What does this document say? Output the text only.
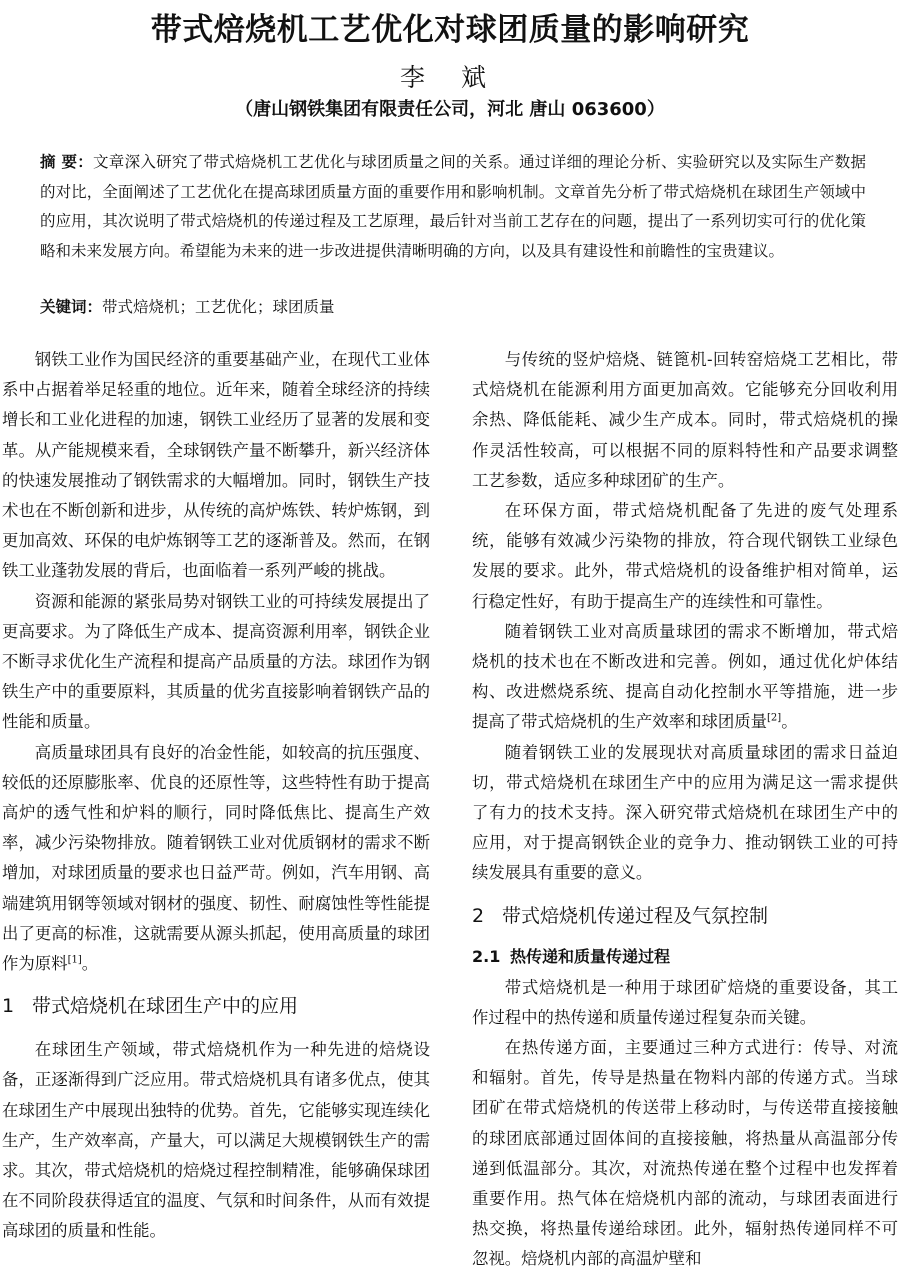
带式焙烧机工艺优化对球团质量的影响研究
李 斌
（唐山钢铁集团有限责任公司，河北 唐山 063600）
摘 要：文章深入研究了带式焙烧机工艺优化与球团质量之间的关系。通过详细的理论分析、实验研究以及实际生产数据的对比，全面阐述了工艺优化在提高球团质量方面的重要作用和影响机制。文章首先分析了带式焙烧机在球团生产领域中的应用，其次说明了带式焙烧机的传递过程及工艺原理，最后针对当前工艺存在的问题，提出了一系列切实可行的优化策略和未来发展方向。希望能为未来的进一步改进提供清晰明确的方向，以及具有建设性和前瞻性的宝贵建议。
关键词：带式焙烧机；工艺优化；球团质量

钢铁工业作为国民经济的重要基础产业，在现代工业体系中占据着举足轻重的地位。近年来，随着全球经济的持续增长和工业化进程的加速，钢铁工业经历了显著的发展和变革。从产能规模来看，全球钢铁产量不断攀升，新兴经济体的快速发展推动了钢铁需求的大幅增加。同时，钢铁生产技术也在不断创新和进步，从传统的高炉炼铁、转炉炼钢，到更加高效、环保的电炉炼钢等工艺的逐渐普及。然而，在钢铁工业蓬勃发展的背后，也面临着一系列严峻的挑战。

资源和能源的紧张局势对钢铁工业的可持续发展提出了更高要求。为了降低生产成本、提高资源利用率，钢铁企业不断寻求优化生产流程和提高产品质量的方法。球团作为钢铁生产中的重要原料，其质量的优劣直接影响着钢铁产品的性能和质量。

高质量球团具有良好的冶金性能，如较高的抗压强度、较低的还原膨胀率、优良的还原性等，这些特性有助于提高高炉的透气性和炉料的顺行，同时降低焦比、提高生产效率，减少污染物排放。随着钢铁工业对优质钢材的需求不断增加，对球团质量的要求也日益严苛。例如，汽车用钢、高端建筑用钢等领域对钢材的强度、韧性、耐腐蚀性等性能提出了更高的标准，这就需要从源头抓起，使用高质量的球团作为原料[1]。

1 带式焙烧机在球团生产中的应用

在球团生产领域，带式焙烧机作为一种先进的焙烧设备，正逐渐得到广泛应用。带式焙烧机具有诸多优点，使其在球团生产中展现出独特的优势。首先，它能够实现连续化生产，生产效率高，产量大，可以满足大规模钢铁生产的需求。其次，带式焙烧机的焙烧过程控制精准，能够确保球团在不同阶段获得适宜的温度、气氛和时间条件，从而有效提高球团的质量和性能。

与传统的竖炉焙烧、链篦机-回转窑焙烧工艺相比，带式焙烧机在能源利用方面更加高效。它能够充分回收利用余热、降低能耗、减少生产成本。同时，带式焙烧机的操作灵活性较高，可以根据不同的原料特性和产品要求调整工艺参数，适应多种球团矿的生产。

在环保方面，带式焙烧机配备了先进的废气处理系统，能够有效减少污染物的排放，符合现代钢铁工业绿色发展的要求。此外，带式焙烧机的设备维护相对简单，运行稳定性好，有助于提高生产的连续性和可靠性。

随着钢铁工业对高质量球团的需求不断增加，带式焙烧机的技术也在不断改进和完善。例如，通过优化炉体结构、改进燃烧系统、提高自动化控制水平等措施，进一步提高了带式焙烧机的生产效率和球团质量[2]。

随着钢铁工业的发展现状对高质量球团的需求日益迫切，带式焙烧机在球团生产中的应用为满足这一需求提供了有力的技术支持。深入研究带式焙烧机在球团生产中的应用，对于提高钢铁企业的竞争力、推动钢铁工业的可持续发展具有重要的意义。

2 带式焙烧机传递过程及气氛控制
2.1 热传递和质量传递过程

带式焙烧机是一种用于球团矿焙烧的重要设备，其工作过程中的热传递和质量传递过程复杂而关键。

在热传递方面，主要通过三种方式进行：传导、对流和辐射。首先，传导是热量在物料内部的传递方式。当球团矿在带式焙烧机的传送带上移动时，与传送带直接接触的球团底部通过固体间的直接接触，将热量从高温部分传递到低温部分。其次，对流热传递在整个过程中也发挥着重要作用。热气体在焙烧机内部的流动，与球团表面进行热交换，将热量传递给球团。此外，辐射热传递同样不可忽视。焙烧机内部的高温炉壁和
